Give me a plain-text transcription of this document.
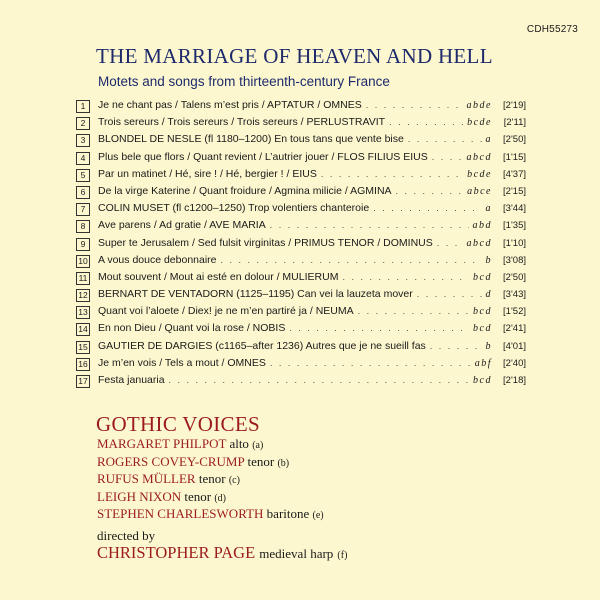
CDH55273
THE MARRIAGE OF HEAVEN AND HELL
Motets and songs from thirteenth-century France
1	Je ne chant pas / Talens m’est pris / APTATUR / OMNES . . .	abde	[2'19]
2	Trois sereurs / Trois sereurs / Trois sereurs / PERLUSTRAVIT . . .	bcde	[2'11]
3	BLONDEL DE NESLE (fl 1180–1200) En tous tans que vente bise . . .	a	[2'50]
4	Plus bele que flors / Quant revient / L’autrier jouer / FLOS FILIUS EIUS . . .	abcd	[1'15]
5	Par un matinet / Hé, sire ! / Hé, bergier ! / EIUS . . .	bcde	[4'37]
6	De la virge Katerine / Quant froidure / Agmina milicie / AGMINA . . .	abce	[2'15]
7	COLIN MUSET (fl c1200–1250) Trop volentiers chanteroie . . .	a	[3'44]
8	Ave parens / Ad gratie / AVE MARIA . . .	abd	[1'35]
9	Super te Jerusalem / Sed fulsit virginitas / PRIMUS TENOR / DOMINUS . . .	abcd	[1'10]
10 A vous douce debonnaire . . .	b	[3'08]
11 Mout souvent / Mout ai esté en dolour / MULIERUM . . .	bcd	[2'50]
12 BERNART DE VENTADORN (1125–1195) Can vei la lauzeta mover . . .	d	[3'43]
13 Quant voi l’aloete / Diex! je ne m’en partiré ja / NEUMA . . .	bcd	[1'52]
14 En non Dieu / Quant voi la rose / NOBIS . . .	bcd	[2'41]
15 GAUTIER DE DARGIES (c1165–after 1236) Autres que je ne sueill fas . . .	b	[4'01]
16 Je m’en vois / Tels a mout / OMNES . . .	abf	[2'40]
17 Festa januaria . . .	bcd	[2'18]
GOTHIC VOICES
MARGARET PHILPOT alto (a)
ROGERS COVEY-CRUMP tenor (b)
RUFUS MÜLLER tenor (c)
LEIGH NIXON tenor (d)
STEPHEN CHARLESWORTH baritone (e)
directed by
CHRISTOPHER PAGE medieval harp (f)
